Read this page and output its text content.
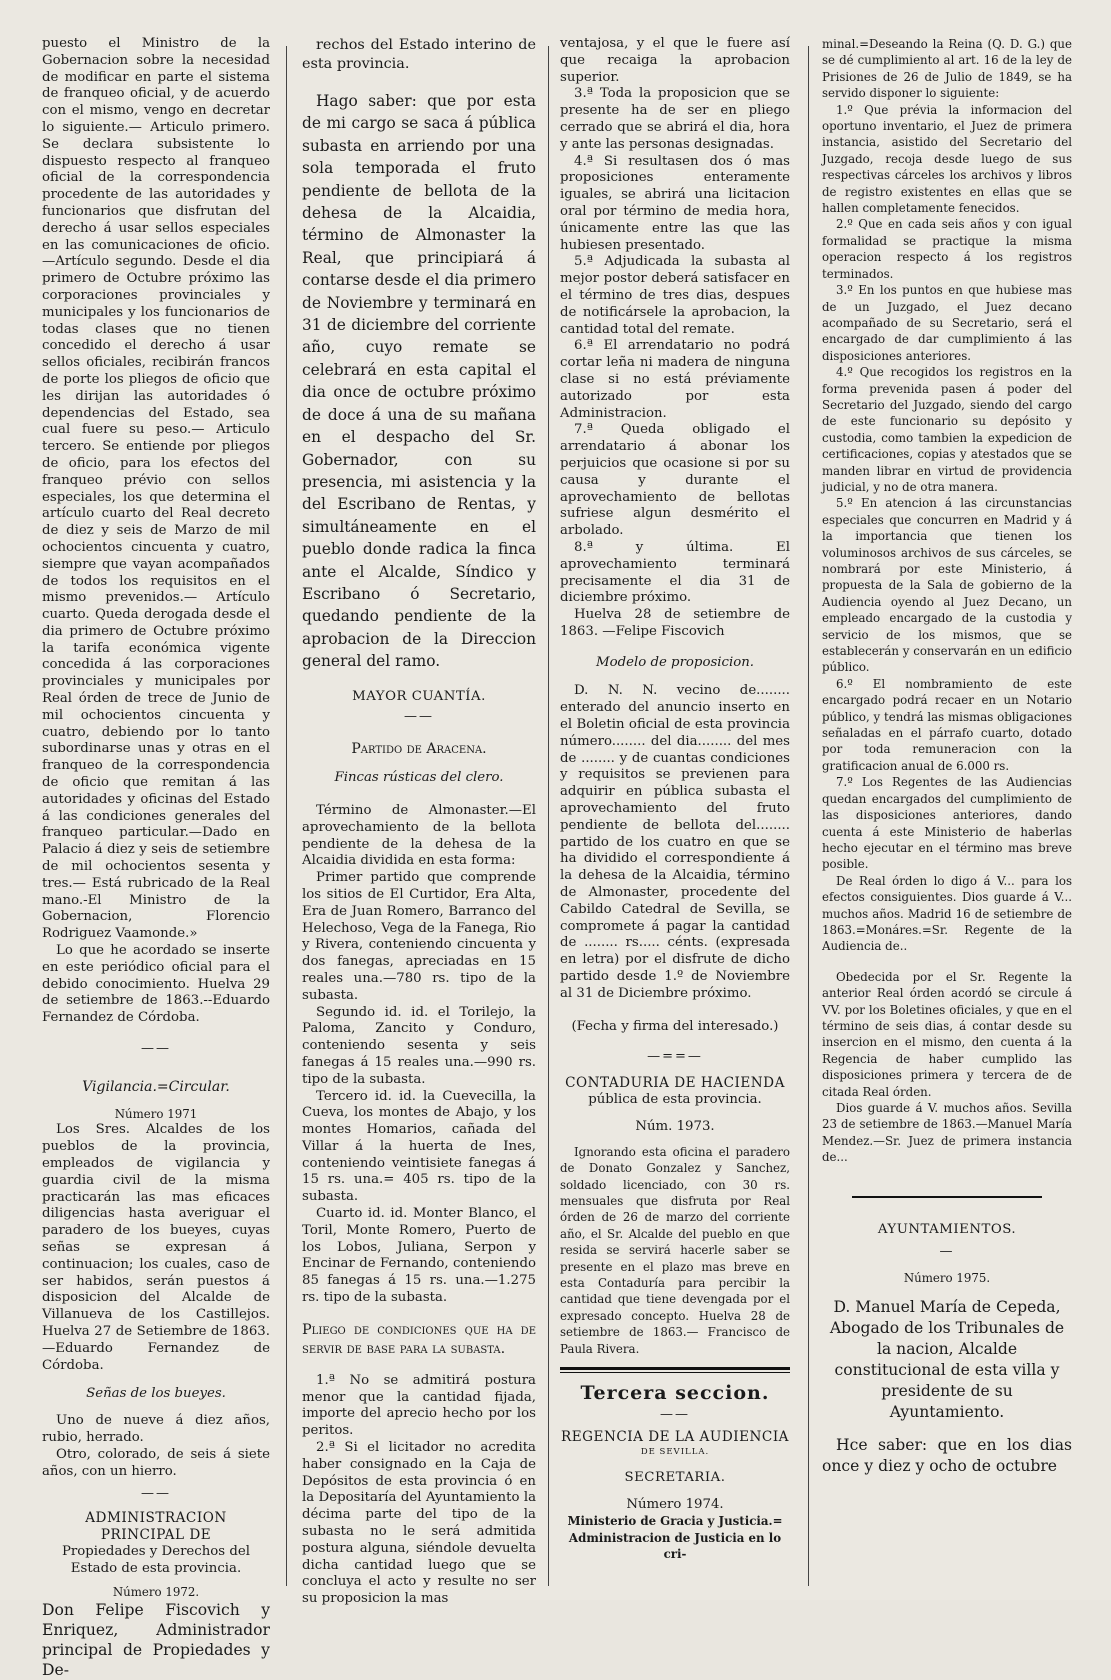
puesto el Ministro de la Gobernacion sobre la necesidad de modificar en parte el sistema de franqueo oficial, y de acuerdo con el mismo, vengo en decretar lo siguiente.— Articulo primero. Se declara subsistente lo dispuesto respecto al franqueo oficial de la correspondencia procedente de las autoridades y funcionarios que disfrutan del derecho á usar sellos especiales en las comunicaciones de oficio.—Artículo segundo. Desde el dia primero de Octubre próximo las corporaciones provinciales y municipales y los funcionarios de todas clases que no tienen concedido el derecho á usar sellos oficiales, recibirán francos de porte los pliegos de oficio que les dirijan las autoridades ó dependencias del Estado, sea cual fuere su peso.— Articulo tercero. Se entiende por pliegos de oficio, para los efectos del franqueo prévio con sellos especiales, los que determina el artículo cuarto del Real decreto de diez y seis de Marzo de mil ochocientos cincuenta y cuatro, siempre que vayan acompañados de todos los requisitos en el mismo prevenidos.— Artículo cuarto. Queda derogada desde el dia primero de Octubre próximo la tarifa económica vigente concedida á las corporaciones provinciales y municipales por Real órden de trece de Junio de mil ochocientos cincuenta y cuatro, debiendo por lo tanto subordinarse unas y otras en el franqueo de la correspondencia de oficio que remitan á las autoridades y oficinas del Estado á las condiciones generales del franqueo particular.—Dado en Palacio á diez y seis de setiembre de mil ochocientos sesenta y tres.— Está rubricado de la Real mano.-El Ministro de la Gobernacion, Florencio Rodriguez Vaamonde.»

Lo que he acordado se inserte en este periódico oficial para el debido conocimiento. Huelva 29 de setiembre de 1863.--Eduardo Fernandez de Córdoba.

——

Vigilancia.=Circular.

Número 1971

Los Sres. Alcaldes de los pueblos de la provincia, empleados de vigilancia y guardia civil de la misma practicarán las mas eficaces diligencias hasta averiguar el paradero de los bueyes, cuyas señas se expresan á continuacion; los cuales, caso de ser habidos, serán puestos á disposicion del Alcalde de Villanueva de los Castillejos. Huelva 27 de Setiembre de 1863.—Eduardo Fernandez de Córdoba.

Señas de los bueyes.

Uno de nueve á diez años, rubio, herrado.

Otro, colorado, de seis á siete años, con un hierro.

——

ADMINISTRACION PRINCIPAL DE

Propiedades y Derechos del Estado de esta provincia.

Número 1972.

Don Felipe Fiscovich y Enriquez, Administrador principal de Propiedades y De-

rechos del Estado interino de esta provincia.

Hago saber: que por esta de mi cargo se saca á pública subasta en arriendo por una sola temporada el fruto pendiente de bellota de la dehesa de la Alcaidia, término de Almonaster la Real, que principiará á contarse desde el dia primero de Noviembre y terminará en 31 de diciembre del corriente año, cuyo remate se celebrará en esta capital el dia once de octubre próximo de doce á una de su mañana en el despacho del Sr. Gobernador, con su presencia, mi asistencia y la del Escribano de Rentas, y simultáneamente en el pueblo donde radica la finca ante el Alcalde, Síndico y Escribano ó Secretario, quedando pendiente de la aprobacion de la Direccion general del ramo.

MAYOR CUANTÍA.

——

Partido de Aracena.

Fincas rústicas del clero.

Término de Almonaster.—El aprovechamiento de la bellota pendiente de la dehesa de la Alcaidia dividida en esta forma:

Primer partido que comprende los sitios de El Curtidor, Era Alta, Era de Juan Romero, Barranco del Helechoso, Vega de la Fanega, Rio y Rivera, conteniendo cincuenta y dos fanegas, apreciadas en 15 reales una.—780 rs. tipo de la subasta.

Segundo id. id. el Torilejo, la Paloma, Zancito y Conduro, conteniendo sesenta y seis fanegas á 15 reales una.—990 rs. tipo de la subasta.

Tercero id. id. la Cuevecilla, la Cueva, los montes de Abajo, y los montes Homarios, cañada del Villar á la huerta de Ines, conteniendo veintisiete fanegas á 15 rs. una.= 405 rs. tipo de la subasta.

Cuarto id. id. Monter Blanco, el Toril, Monte Romero, Puerto de los Lobos, Juliana, Serpon y Encinar de Fernando, conteniendo 85 fanegas á 15 rs. una.—1.275 rs. tipo de la subasta.

Pliego de condiciones que ha de servir de base para la subasta.

1.ª No se admitirá postura menor que la cantidad fijada, importe del aprecio hecho por los peritos.

2.ª Si el licitador no acredita haber consignado en la Caja de Depósitos de esta provincia ó en la Depositaría del Ayuntamiento la décima parte del tipo de la subasta no le será admitida postura alguna, siéndole devuelta dicha cantidad luego que se concluya el acto y resulte no ser su proposicion la mas

ventajosa, y el que le fuere así que recaiga la aprobacion superior.

3.ª Toda la proposicion que se presente ha de ser en pliego cerrado que se abrirá el dia, hora y ante las personas designadas.

4.ª Si resultasen dos ó mas proposiciones enteramente iguales, se abrirá una licitacion oral por término de media hora, únicamente entre las que las hubiesen presentado.

5.ª Adjudicada la subasta al mejor postor deberá satisfacer en el término de tres dias, despues de notificársele la aprobacion, la cantidad total del remate.

6.ª El arrendatario no podrá cortar leña ni madera de ninguna clase si no está préviamente autorizado por esta Administracion.

7.ª Queda obligado el arrendatario á abonar los perjuicios que ocasione si por su causa y durante el aprovechamiento de bellotas sufriese algun desmérito el arbolado.

8.ª y última. El aprovechamiento terminará precisamente el dia 31 de diciembre próximo.

Huelva 28 de setiembre de 1863. —Felipe Fiscovich

Modelo de proposicion.

D. N. N. vecino de........ enterado del anuncio inserto en el Boletin oficial de esta provincia número........ del dia........ del mes de ........ y de cuantas condiciones y requisitos se previenen para adquirir en pública subasta el aprovechamiento del fruto pendiente de bellota del........ partido de los cuatro en que se ha dividido el correspondiente á la dehesa de la Alcaidia, término de Almonaster, procedente del Cabildo Catedral de Sevilla, se compromete á pagar la cantidad de ........ rs..... cénts. (expresada en letra) por el disfrute de dicho partido desde 1.º de Noviembre al 31 de Diciembre próximo.

(Fecha y firma del interesado.)

—==—

CONTADURIA DE HACIENDA

pública de esta provincia.

Núm. 1973.

Ignorando esta oficina el paradero de Donato Gonzalez y Sanchez, soldado licenciado, con 30 rs. mensuales que disfruta por Real órden de 26 de marzo del corriente año, el Sr. Alcalde del pueblo en que resida se servirá hacerle saber se presente en el plazo mas breve en esta Contaduría para percibir la cantidad que tiene devengada por el expresado concepto. Huelva 28 de setiembre de 1863.— Francisco de Paula Rivera.

Tercera seccion.

——

REGENCIA DE LA AUDIENCIA

DE SEVILLA.

SECRETARIA.

Número 1974.

Ministerio de Gracia y Justicia.= Administracion de Justicia en lo cri-

minal.=Deseando la Reina (Q. D. G.) que se dé cumplimiento al art. 16 de la ley de Prisiones de 26 de Julio de 1849, se ha servido disponer lo siguiente:

1.º Que prévia la informacion del oportuno inventario, el Juez de primera instancia, asistido del Secretario del Juzgado, recoja desde luego de sus respectivas cárceles los archivos y libros de registro existentes en ellas que se hallen completamente fenecidos.

2.º Que en cada seis años y con igual formalidad se practique la misma operacion respecto á los registros terminados.

3.º En los puntos en que hubiese mas de un Juzgado, el Juez decano acompañado de su Secretario, será el encargado de dar cumplimiento á las disposiciones anteriores.

4.º Que recogidos los registros en la forma prevenida pasen á poder del Secretario del Juzgado, siendo del cargo de este funcionario su depósito y custodia, como tambien la expedicion de certificaciones, copias y atestados que se manden librar en virtud de providencia judicial, y no de otra manera.

5.º En atencion á las circunstancias especiales que concurren en Madrid y á la importancia que tienen los voluminosos archivos de sus cárceles, se nombrará por este Ministerio, á propuesta de la Sala de gobierno de la Audiencia oyendo al Juez Decano, un empleado encargado de la custodia y servicio de los mismos, que se establecerán y conservarán en un edificio público.

6.º El nombramiento de este encargado podrá recaer en un Notario público, y tendrá las mismas obligaciones señaladas en el párrafo cuarto, dotado por toda remuneracion con la gratificacion anual de 6.000 rs.

7.º Los Regentes de las Audiencias quedan encargados del cumplimiento de las disposiciones anteriores, dando cuenta á este Ministerio de haberlas hecho ejecutar en el término mas breve posible.

De Real órden lo digo á V... para los efectos consiguientes. Dios guarde á V... muchos años. Madrid 16 de setiembre de 1863.=Monáres.=Sr. Regente de la Audiencia de..

Obedecida por el Sr. Regente la anterior Real órden acordó se circule á VV. por los Boletines oficiales, y que en el término de seis dias, á contar desde su insercion en el mismo, den cuenta á la Regencia de haber cumplido las disposiciones primera y tercera de de citada Real órden.

Dios guarde á V. muchos años. Sevilla 23 de setiembre de 1863.—Manuel María Mendez.—Sr. Juez de primera instancia de...

AYUNTAMIENTOS.

—

Número 1975.

D. Manuel María de Cepeda, Abogado de los Tribunales de la nacion, Alcalde constitucional de esta villa y presidente de su Ayuntamiento.

Hce saber: que en los dias once y diez y ocho de octubre
